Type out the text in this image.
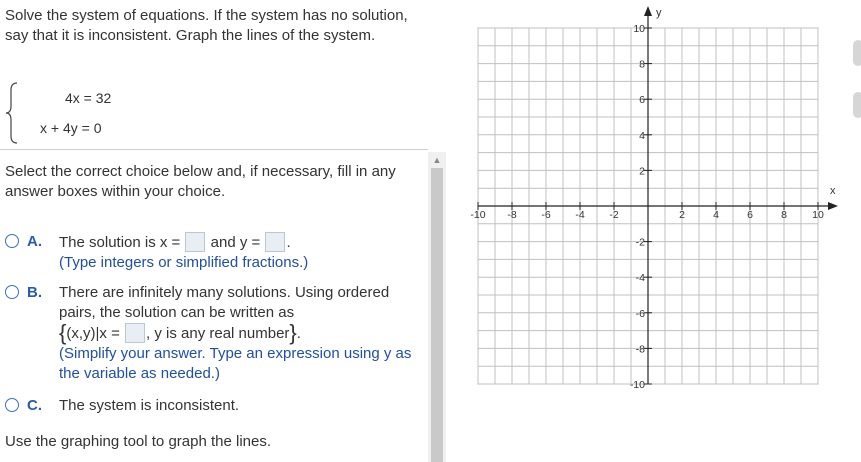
Solve the system of equations. If the system has no solution, say that it is inconsistent. Graph the lines of the system.
4x = 32
x + 4y = 0
Select the correct choice below and, if necessary, fill in any answer boxes within your choice.
A. The solution is x = and y = .
(Type integers or simplified fractions.)
B. There are infinitely many solutions. Using ordered pairs, the solution can be written as
{(x,y)|x = , y is any real number}.
(Simplify your answer. Type an expression using y as the variable as needed.)
C. The system is inconsistent.
Use the graphing tool to graph the lines.
▲
x
y
-10 -8 -6 -4 -2	2	4	6	8 10
10
8
6
4
2
-2
-4
-6
-8
-10
